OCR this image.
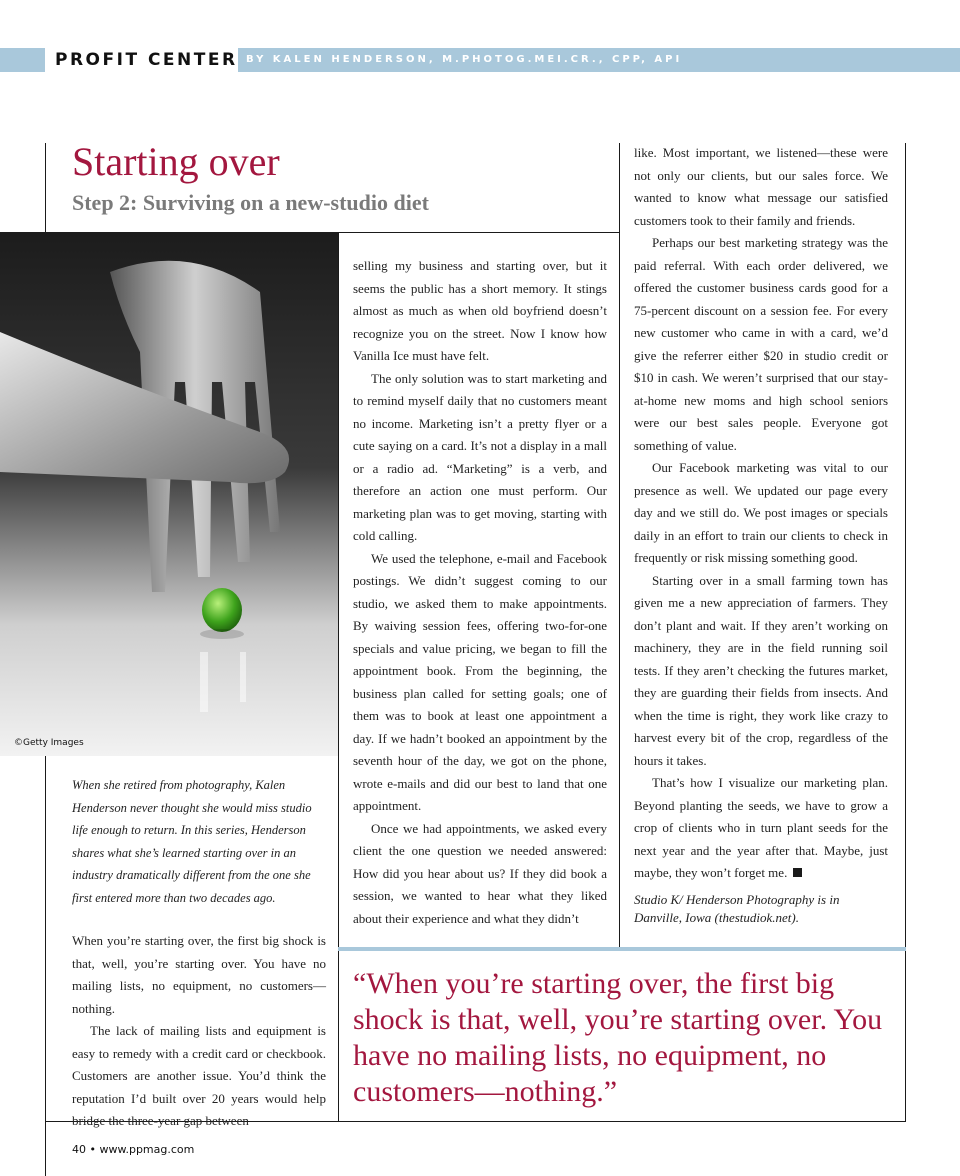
PROFIT CENTER BY KALEN HENDERSON, M.PHOTOG.MEI.CR., CPP, API
Starting over
Step 2: Surviving on a new-studio diet
©Getty Images

When she retired from photography, Kalen Henderson never thought she would miss studio life enough to return. In this series, Henderson shares what she’s learned starting over in an industry dramatically different from the one she first entered more than two decades ago.

When you’re starting over, the first big shock is that, well, you’re starting over. You have no mailing lists, no equipment, no customers—nothing.

The lack of mailing lists and equipment is easy to remedy with a credit card or checkbook. Customers are another issue. You’d think the reputation I’d built over 20 years would help bridge the three-year gap between

selling my business and starting over, but it seems the public has a short memory. It stings almost as much as when old boyfriend doesn’t recognize you on the street. Now I know how Vanilla Ice must have felt.

The only solution was to start marketing and to remind myself daily that no customers meant no income. Marketing isn’t a pretty flyer or a cute saying on a card. It’s not a display in a mall or a radio ad. “Marketing” is a verb, and therefore an action one must perform. Our marketing plan was to get moving, starting with cold calling.

We used the telephone, e-mail and Facebook postings. We didn’t suggest coming to our studio, we asked them to make appointments. By waiving session fees, offering two-for-one specials and value pricing, we began to fill the appointment book. From the beginning, the business plan called for setting goals; one of them was to book at least one appointment a day. If we hadn’t booked an appointment by the seventh hour of the day, we got on the phone, wrote e-mails and did our best to land that one appointment.

Once we had appointments, we asked every client the one question we needed answered: How did you hear about us? If they did book a session, we wanted to hear what they liked about their experience and what they didn’t

like. Most important, we listened—these were not only our clients, but our sales force. We wanted to know what message our satisfied customers took to their family and friends.

Perhaps our best marketing strategy was the paid referral. With each order delivered, we offered the customer business cards good for a 75-percent discount on a session fee. For every new customer who came in with a card, we’d give the referrer either $20 in studio credit or $10 in cash. We weren’t surprised that our stay-at-home new moms and high school seniors were our best sales people. Everyone got something of value.

Our Facebook marketing was vital to our presence as well. We updated our page every day and we still do. We post images or specials daily in an effort to train our clients to check in frequently or risk missing something good.

Starting over in a small farming town has given me a new appreciation of farmers. They don’t plant and wait. If they aren’t working on machinery, they are in the field running soil tests. If they aren’t checking the futures market, they are guarding their fields from insects. And when the time is right, they work like crazy to harvest every bit of the crop, regardless of the hours it takes.

That’s how I visualize our marketing plan. Beyond planting the seeds, we have to grow a crop of clients who in turn plant seeds for the next year and the year after that. Maybe, just maybe, they won’t forget me.

Studio K/ Henderson Photography is in Danville, Iowa (thestudiok.net).

“When you’re starting over, the first big shock is that, well, you’re starting over. You have no mailing lists, no equipment, no customers—nothing.”

40 • www.ppmag.com
